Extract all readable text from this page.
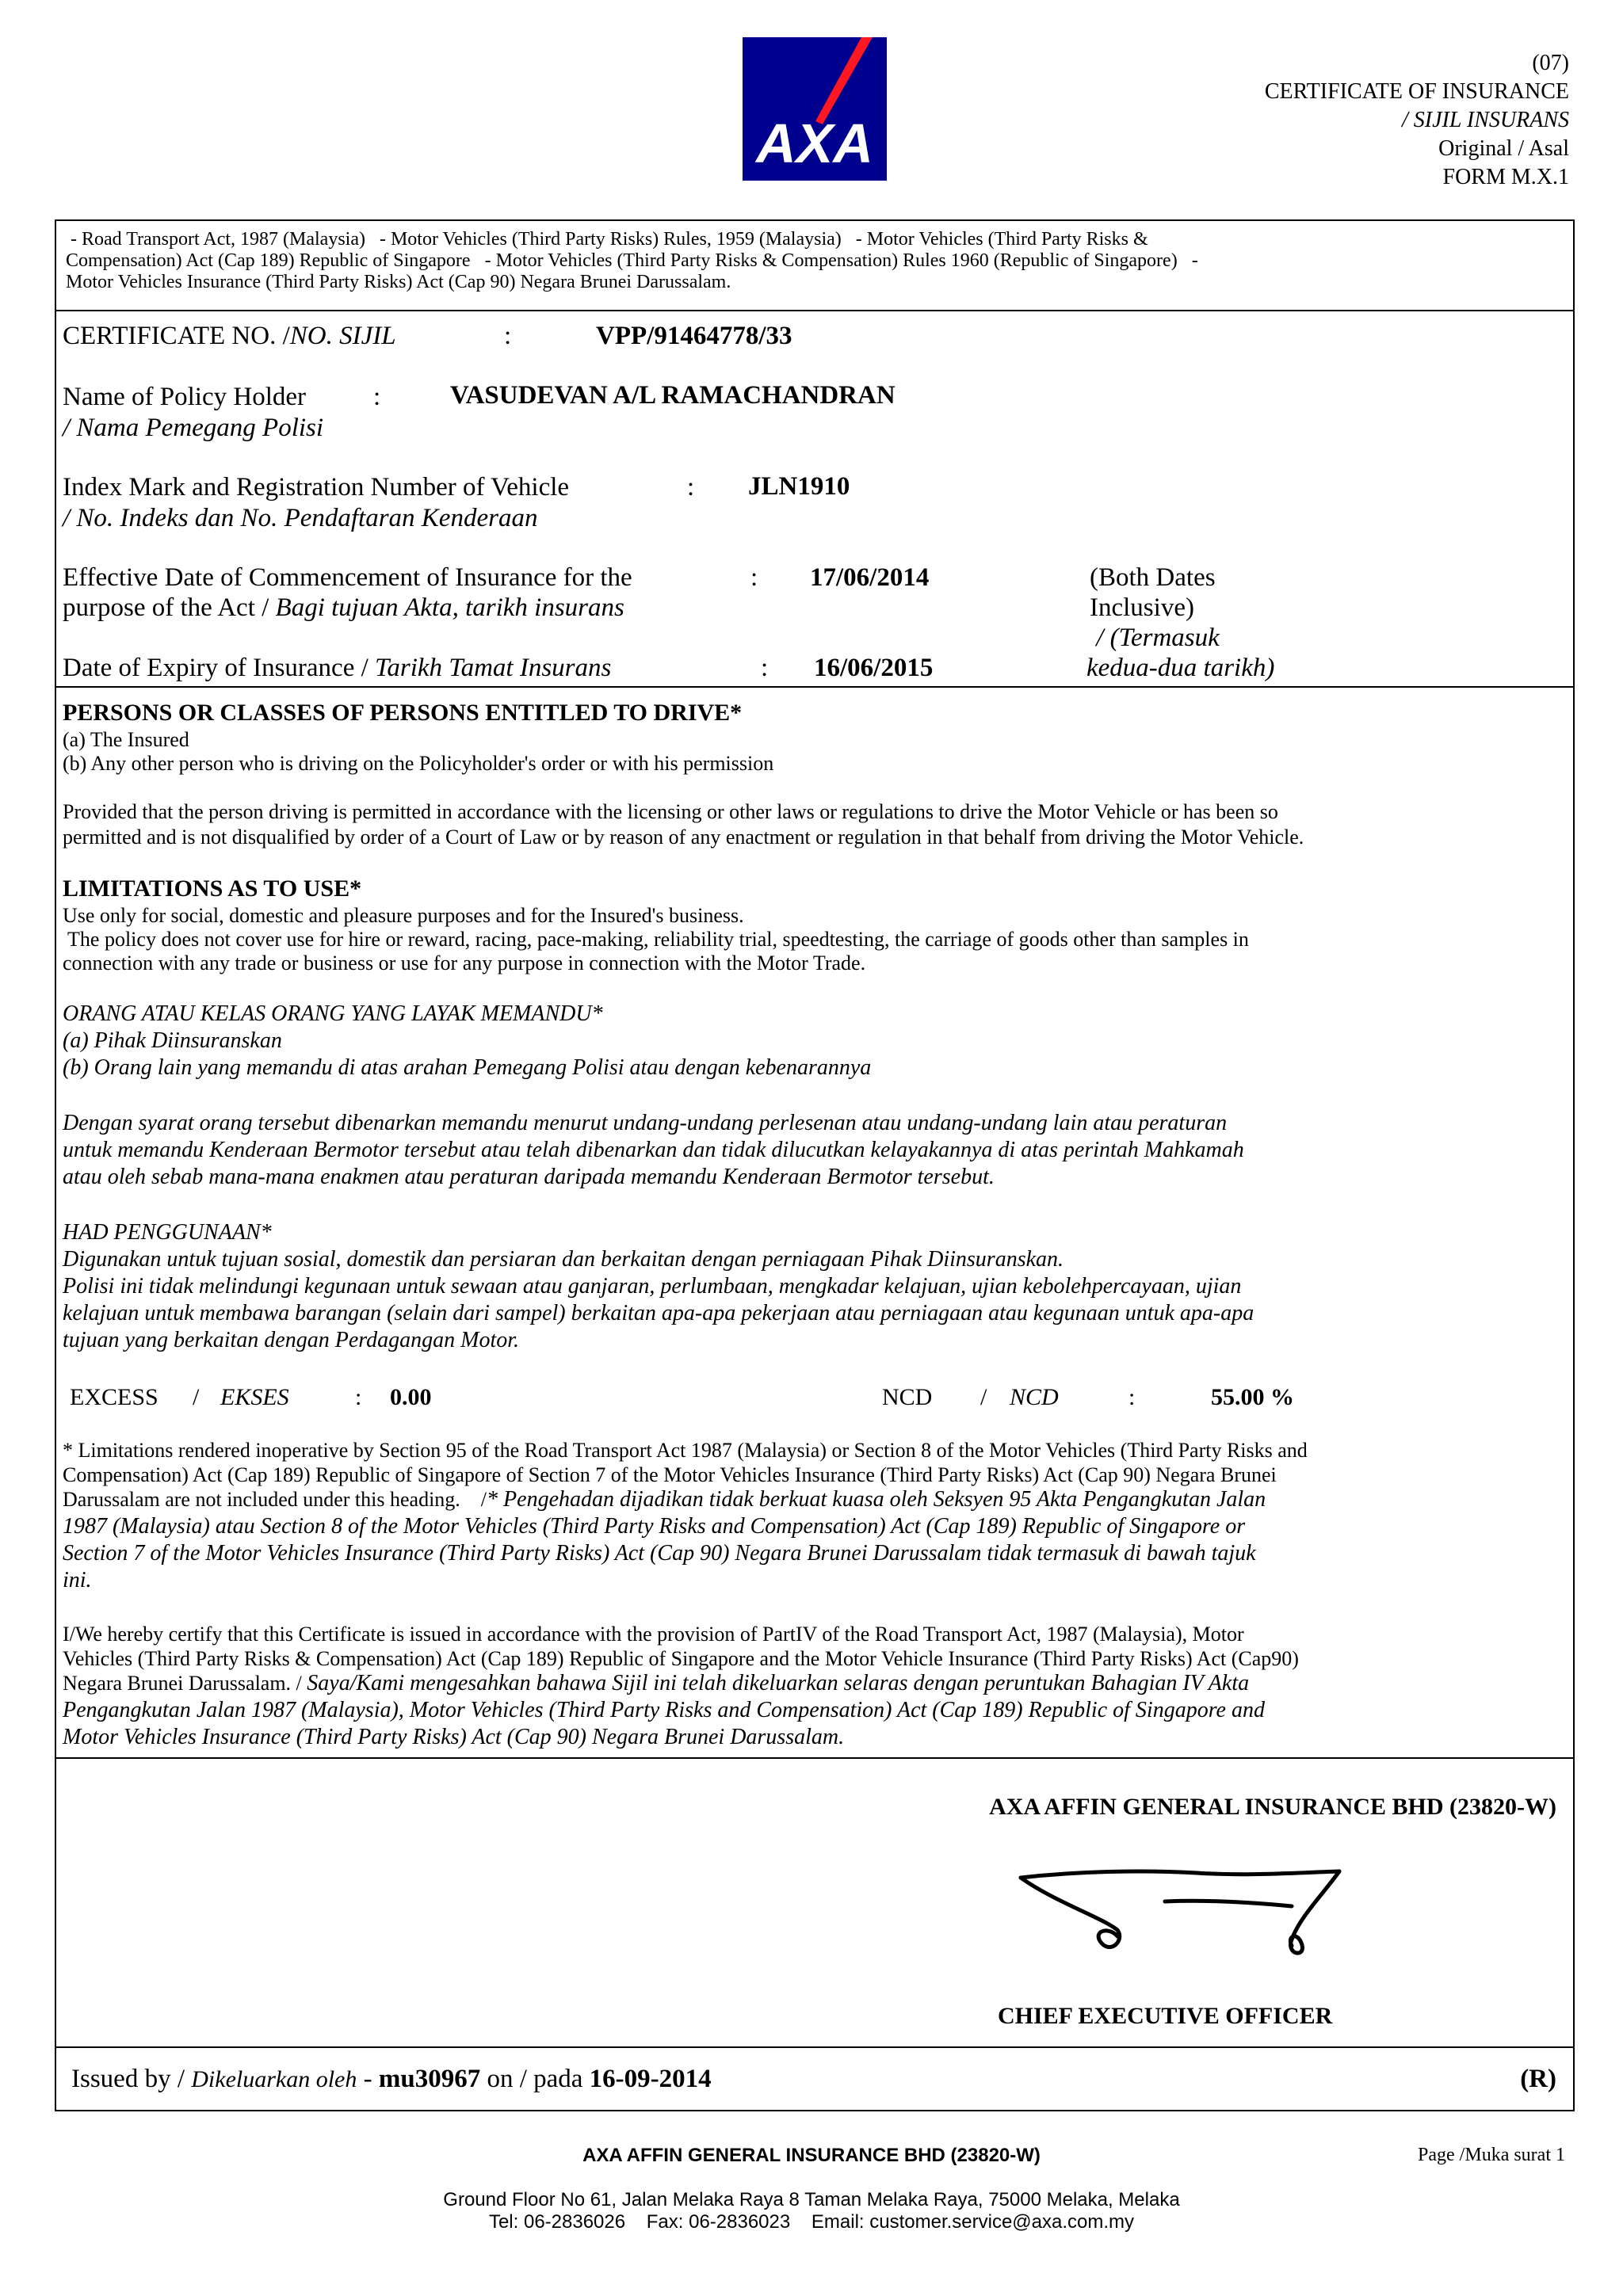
AXA
(07)
CERTIFICATE OF INSURANCE
/ SIJIL INSURANS
Original / Asal
FORM M.X.1
- Road Transport Act, 1987 (Malaysia)   - Motor Vehicles (Third Party Risks) Rules, 1959 (Malaysia)   - Motor Vehicles (Third Party Risks &
Compensation) Act (Cap 189) Republic of Singapore   - Motor Vehicles (Third Party Risks & Compensation) Rules 1960 (Republic of Singapore)   -
Motor Vehicles Insurance (Third Party Risks) Act (Cap 90) Negara Brunei Darussalam.
CERTIFICATE NO. /NO. SIJIL	:	VPP/91464778/33
Name of Policy Holder	:	VASUDEVAN A/L RAMACHANDRAN
/ Nama Pemegang Polisi
Index Mark and Registration Number of Vehicle	: JLN1910
/ No. Indeks dan No. Pendaftaran Kenderaan
Effective Date of Commencement of Insurance for the
purpose of the Act / Bagi tujuan Akta, tarikh insurans
: 17/06/2014	(Both Dates
Inclusive)
/ (Termasuk
kedua-dua tarikh)
Date of Expiry of Insurance / Tarikh Tamat Insurans	: 16/06/2015
PERSONS OR CLASSES OF PERSONS ENTITLED TO DRIVE*
(a) The Insured
(b) Any other person who is driving on the Policyholder's order or with his permission
Provided that the person driving is permitted in accordance with the licensing or other laws or regulations to drive the Motor Vehicle or has been so
permitted and is not disqualified by order of a Court of Law or by reason of any enactment or regulation in that behalf from driving the Motor Vehicle.
LIMITATIONS AS TO USE*
Use only for social, domestic and pleasure purposes and for the Insured's business.
The policy does not cover use for hire or reward, racing, pace-making, reliability trial, speedtesting, the carriage of goods other than samples in
connection with any trade or business or use for any purpose in connection with the Motor Trade.
ORANG ATAU KELAS ORANG YANG LAYAK MEMANDU*
(a) Pihak Diinsuranskan
(b) Orang lain yang memandu di atas arahan Pemegang Polisi atau dengan kebenarannya
Dengan syarat orang tersebut dibenarkan memandu menurut undang-undang perlesenan atau undang-undang lain atau peraturan
untuk memandu Kenderaan Bermotor tersebut atau telah dibenarkan dan tidak dilucutkan kelayakannya di atas perintah Mahkamah
atau oleh sebab mana-mana enakmen atau peraturan daripada memandu Kenderaan Bermotor tersebut.
HAD PENGGUNAAN*
Digunakan untuk tujuan sosial, domestik dan persiaran dan berkaitan dengan perniagaan Pihak Diinsuranskan.
Polisi ini tidak melindungi kegunaan untuk sewaan atau ganjaran, perlumbaan, mengkadar kelajuan, ujian kebolehpercayaan, ujian
kelajuan untuk membawa barangan (selain dari sampel) berkaitan apa-apa pekerjaan atau perniagaan atau kegunaan untuk apa-apa
tujuan yang berkaitan dengan Perdagangan Motor.
EXCESS / EKSES	: 0.00	NCD / NCD	:	55.00 %
* Limitations rendered inoperative by Section 95 of the Road Transport Act 1987 (Malaysia) or Section 8 of the Motor Vehicles (Third Party Risks and
Compensation) Act (Cap 189) Republic of Singapore of Section 7 of the Motor Vehicles Insurance (Third Party Risks) Act (Cap 90) Negara Brunei
Darussalam are not included under this heading.    /* Pengehadan dijadikan tidak berkuat kuasa oleh Seksyen 95 Akta Pengangkutan Jalan
1987 (Malaysia) atau Section 8 of the Motor Vehicles (Third Party Risks and Compensation) Act (Cap 189) Republic of Singapore or
Section 7 of the Motor Vehicles Insurance (Third Party Risks) Act (Cap 90) Negara Brunei Darussalam tidak termasuk di bawah tajuk
ini.
I/We hereby certify that this Certificate is issued in accordance with the provision of PartIV of the Road Transport Act, 1987 (Malaysia), Motor
Vehicles (Third Party Risks & Compensation) Act (Cap 189) Republic of Singapore and the Motor Vehicle Insurance (Third Party Risks) Act (Cap90)
Negara Brunei Darussalam. / Saya/Kami mengesahkan bahawa Sijil ini telah dikeluarkan selaras dengan peruntukan Bahagian IV Akta
Pengangkutan Jalan 1987 (Malaysia), Motor Vehicles (Third Party Risks and Compensation) Act (Cap 189) Republic of Singapore and
Motor Vehicles Insurance (Third Party Risks) Act (Cap 90) Negara Brunei Darussalam.
AXA AFFIN GENERAL INSURANCE BHD (23820-W)
CHIEF EXECUTIVE OFFICER
Issued by / Dikeluarkan oleh - mu30967 on / pada 16-09-2014	(R)
AXA AFFIN GENERAL INSURANCE BHD (23820-W)	Page /Muka surat 1
Ground Floor No 61, Jalan Melaka Raya 8 Taman Melaka Raya, 75000 Melaka, Melaka
Tel: 06-2836026    Fax: 06-2836023    Email: customer.service@axa.com.my
